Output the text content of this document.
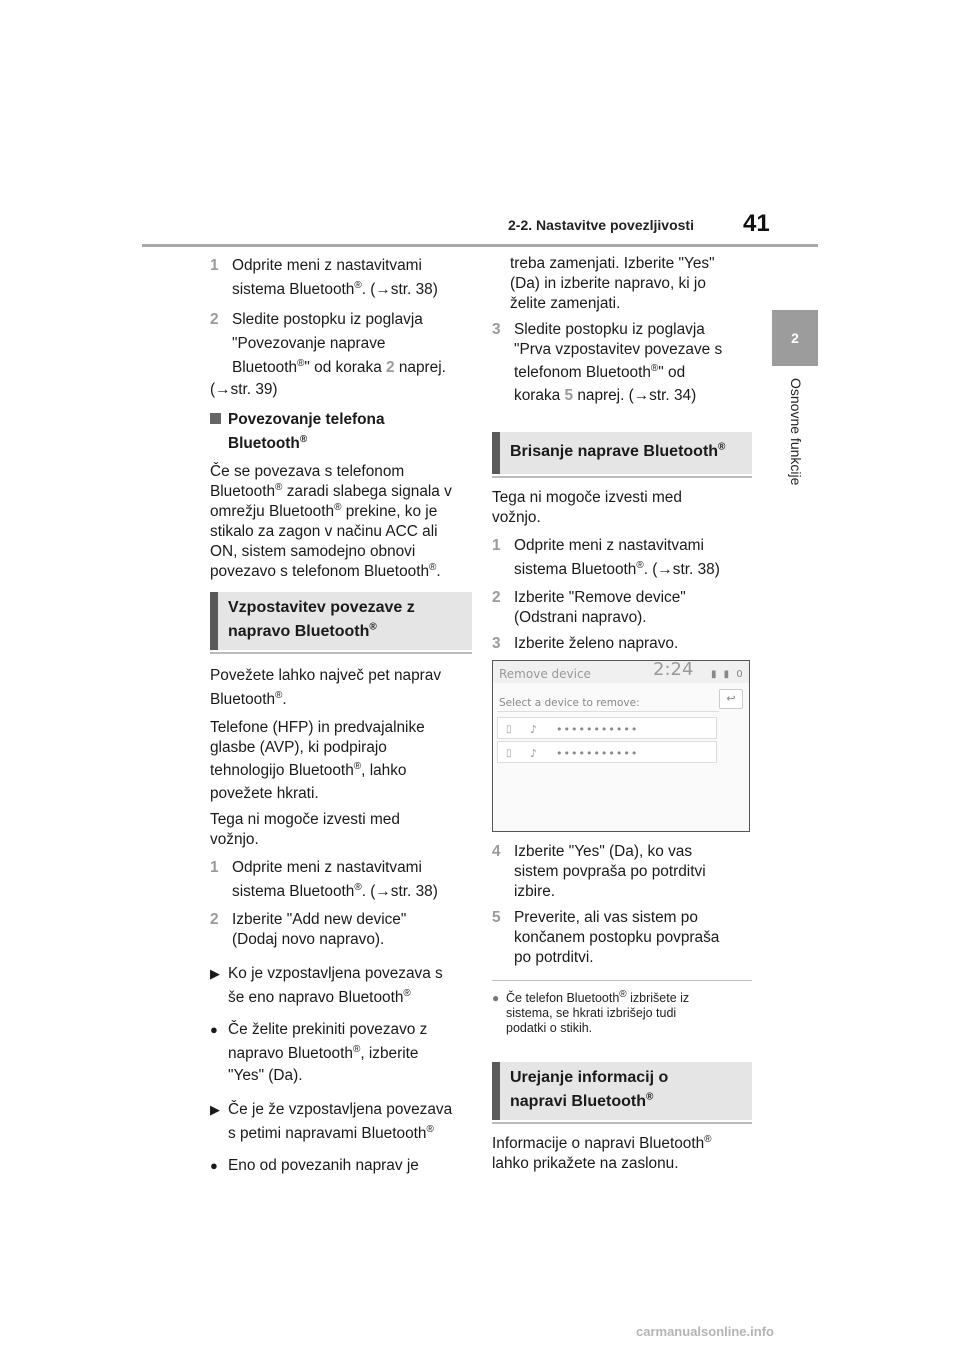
2-2. Nastavitve povezljivosti 41
2
Osnovne funkcije
1 Odprite meni z nastavitvami
sistema Bluetooth®. (→str. 38)
2 Sledite postopku iz poglavja
"Povezovanje naprave
Bluetooth®" od koraka 2 naprej.
(→str. 39)
Povezovanje telefona
Bluetooth®
Če se povezava s telefonom
Bluetooth® zaradi slabega signala v
omrežju Bluetooth® prekine, ko je
stikalo za zagon v načinu ACC ali
ON, sistem samodejno obnovi
povezavo s telefonom Bluetooth®.
Vzpostavitev povezave z
napravo Bluetooth®
Povežete lahko največ pet naprav
Bluetooth®.
Telefone (HFP) in predvajalnike
glasbe (AVP), ki podpirajo
tehnologijo Bluetooth®, lahko
povežete hkrati.
Tega ni mogoče izvesti med
vožnjo.
1 Odprite meni z nastavitvami
sistema Bluetooth®. (→str. 38)
2 Izberite "Add new device"
(Dodaj novo napravo).
▶ Ko je vzpostavljena povezava s
še eno napravo Bluetooth®
● Če želite prekiniti povezavo z
napravo Bluetooth®, izberite
"Yes" (Da).
▶ Če je že vzpostavljena povezava
s petimi napravami Bluetooth®
● Eno od povezanih naprav je
treba zamenjati. Izberite "Yes"
(Da) in izberite napravo, ki jo
želite zamenjati.
3 Sledite postopku iz poglavja
"Prva vzpostavitev povezave s
telefonom Bluetooth®" od
koraka 5 naprej. (→str. 34)
Brisanje naprave Bluetooth®
Tega ni mogoče izvesti med
vožnjo.
1 Odprite meni z nastavitvami
sistema Bluetooth®. (→str. 38)
2 Izberite "Remove device"
(Odstrani napravo).
3 Izberite želeno napravo.
Remove device	2:24 ▮ ▮ 0
Select a device to remove:	↩
▯ ♪ •••••••••••
▯ ♪ •••••••••••
4 Izberite "Yes" (Da), ko vas
sistem povpraša po potrditvi
izbire.
5 Preverite, ali vas sistem po
končanem postopku povpraša
po potrditvi.
● Če telefon Bluetooth® izbrišete iz
sistema, se hkrati izbrišejo tudi
podatki o stikih.
Urejanje informacij o
napravi Bluetooth®
Informacije o napravi Bluetooth®
lahko prikažete na zaslonu.
carmanualsonline.info
